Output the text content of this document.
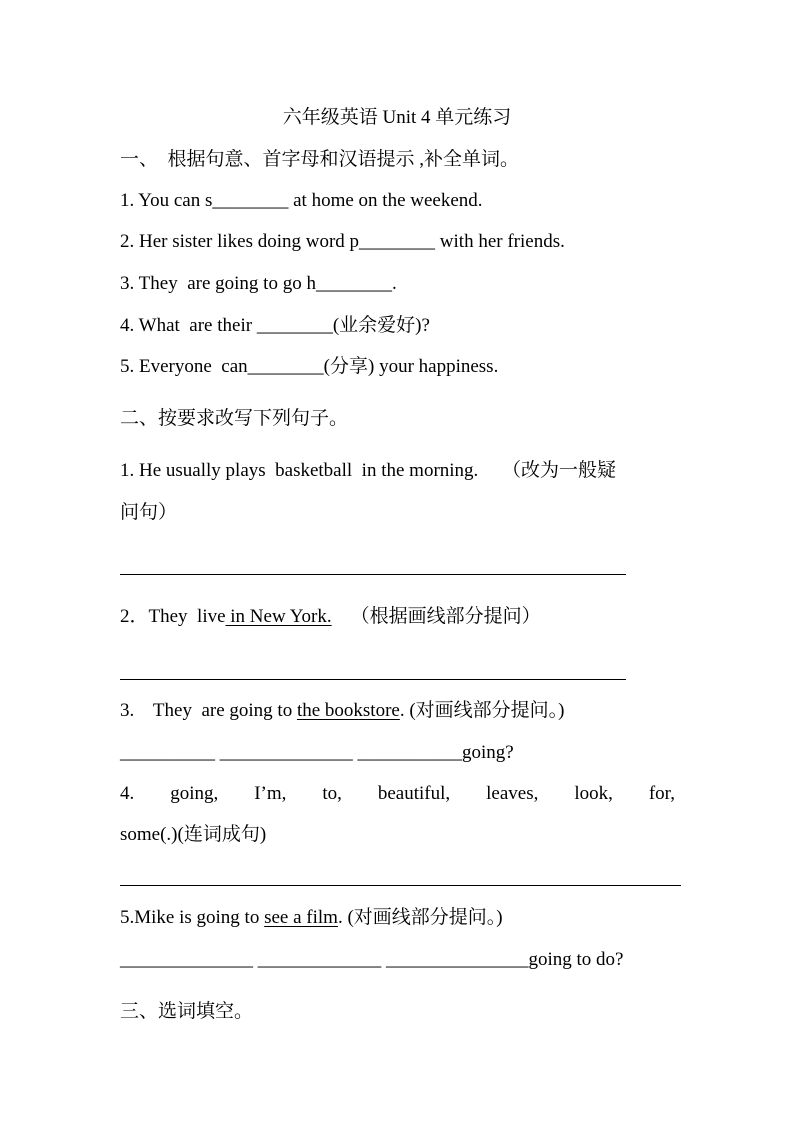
六年级英语 Unit 4 单元练习
一、  根据句意、首字母和汉语提示 ,补全单词。
1. You can s________ at home on the weekend.
2. Her sister likes doing word p________ with her friends.
3. They  are going to go h________.
4. What  are their ________(业余爱好)?
5. Everyone  can________(分享) your happiness.
二、按要求改写下列句子。
1. He usually plays  basketball  in the morning.     （改为一般疑
问句）
2．They  live in New York.    （根据画线部分提问）
3.    They  are going to the bookstore. (对画线部分提问。)
__________ ______________ ___________going?
4. going, I’m, to, beautiful, leaves, look, for,
some(.)(连词成句)
5.Mike is going to see a film. (对画线部分提问。)
______________ _____________ _______________going to do?
三、选词填空。
